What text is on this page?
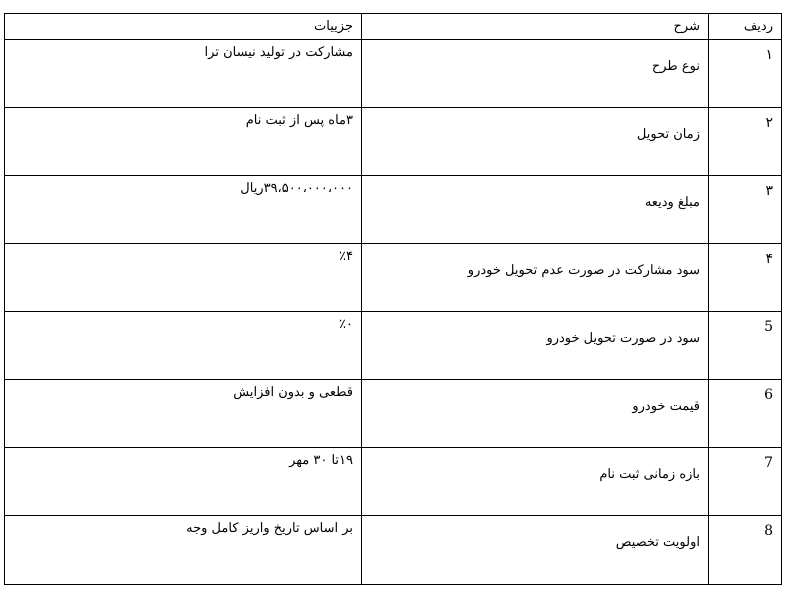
ردیف	شرح	جزییات

۱	نوع طرح	مشارکت در تولید نیسان ترا

۲	زمان تحویل	۳ماه پس از ثبت نام

۳	مبلغ ودیعه	۳۹،۵۰۰،۰۰۰،۰۰۰ریال

۴	سود مشارکت در صورت عدم تحویل خودرو	٪۴

5	سود در صورت تحویل خودرو	٪۰

6	قیمت خودرو	قطعی و بدون افزایش

7	بازه زمانی ثبت نام	۱۹تا ۳۰ مهر

8	اولویت تخصیص	بر اساس تاریخ واریز کامل وجه
